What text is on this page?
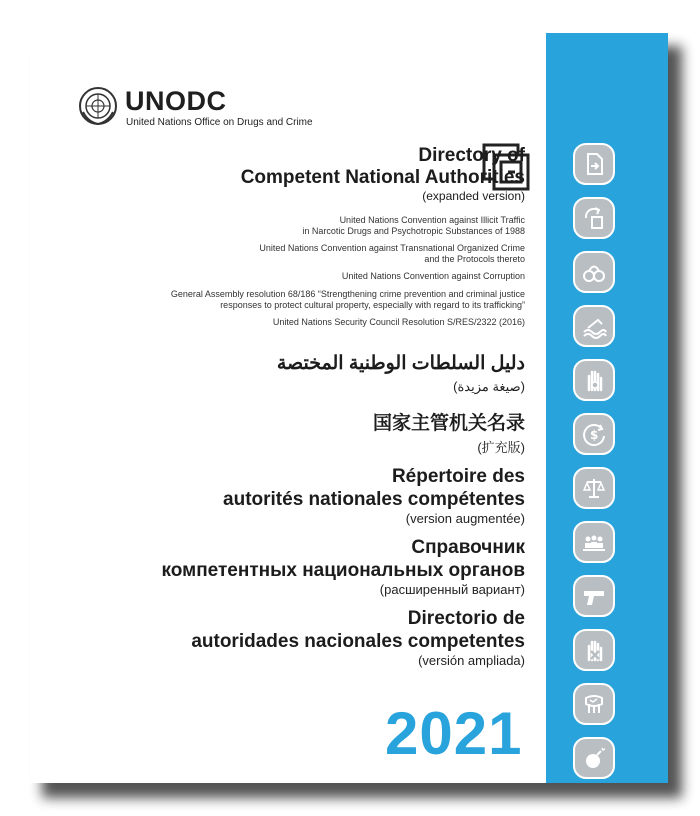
UNODC
United Nations Office on Drugs and Crime
Directory of
Competent National Authorities
(expanded version)
United Nations Convention against Illicit Traffic
in Narcotic Drugs and Psychotropic Substances of 1988
United Nations Convention against Transnational Organized Crime
and the Protocols thereto
United Nations Convention against Corruption
General Assembly resolution 68/186 “Strengthening crime prevention and criminal justice
responses to protect cultural property, especially with regard to its trafficking”
United Nations Security Council Resolution S/RES/2322 (2016)
دليل السلطات الوطنية المختصة
(صيغة مزيدة)
国家主管机关名录
(扩充版)
Répertoire des
autorités nationales compétentes
(version augmentée)
Справочник
компетентных национальных органов
(расширенный вариант)
Directorio de
autoridades nacionales competentes
(versión ampliada)
2021
$
